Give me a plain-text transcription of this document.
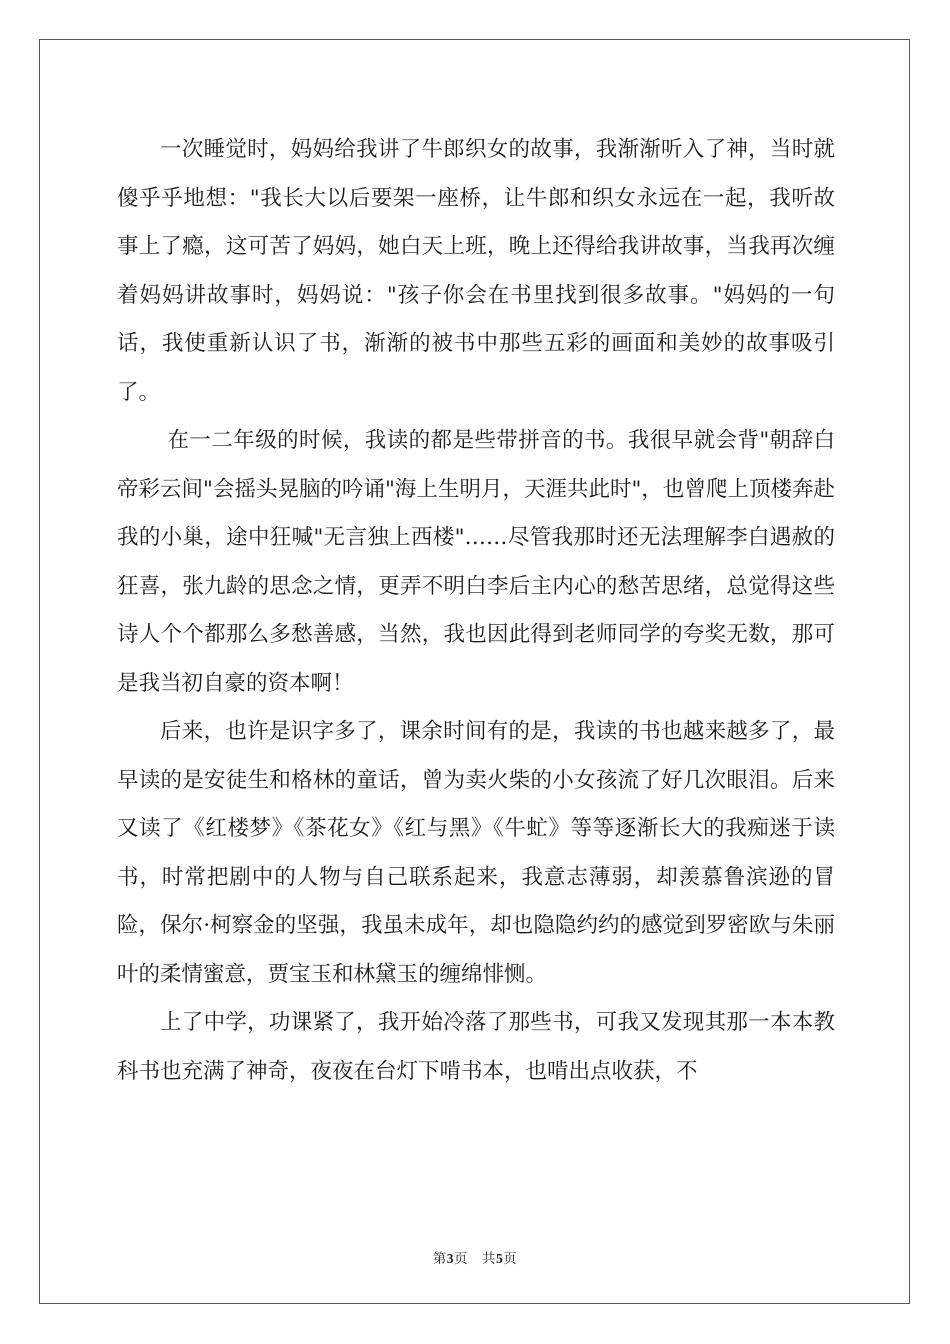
一次睡觉时，妈妈给我讲了牛郎织女的故事，我渐渐听入了神，当时就傻乎乎地想："我长大以后要架一座桥，让牛郎和织女永远在一起，我听故事上了瘾，这可苦了妈妈，她白天上班，晚上还得给我讲故事，当我再次缠着妈妈讲故事时，妈妈说："孩子你会在书里找到很多故事。"妈妈的一句话，我使重新认识了书，渐渐的被书中那些五彩的画面和美妙的故事吸引了。

在一二年级的时候，我读的都是些带拼音的书。我很早就会背"朝辞白帝彩云间"会摇头晃脑的吟诵"海上生明月，天涯共此时"，也曾爬上顶楼奔赴我的小巢，途中狂喊"无言独上西楼"……尽管我那时还无法理解李白遇赦的狂喜，张九龄的思念之情，更弄不明白李后主内心的愁苦思绪，总觉得这些诗人个个都那么多愁善感，当然，我也因此得到老师同学的夸奖无数，那可是我当初自豪的资本啊！

后来，也许是识字多了，课余时间有的是，我读的书也越来越多了，最早读的是安徒生和格林的童话，曾为卖火柴的小女孩流了好几次眼泪。后来又读了《红楼梦》《茶花女》《红与黑》《牛虻》等等逐渐长大的我痴迷于读书，时常把剧中的人物与自己联系起来，我意志薄弱，却羡慕鲁滨逊的冒险，保尔·柯察金的坚强，我虽未成年，却也隐隐约约的感觉到罗密欧与朱丽叶的柔情蜜意，贾宝玉和林黛玉的缠绵悱恻。

上了中学，功课紧了，我开始冷落了那些书，可我又发现其那一本本教科书也充满了神奇，夜夜在台灯下啃书本，也啃出点收获，不

第3页 共5页
